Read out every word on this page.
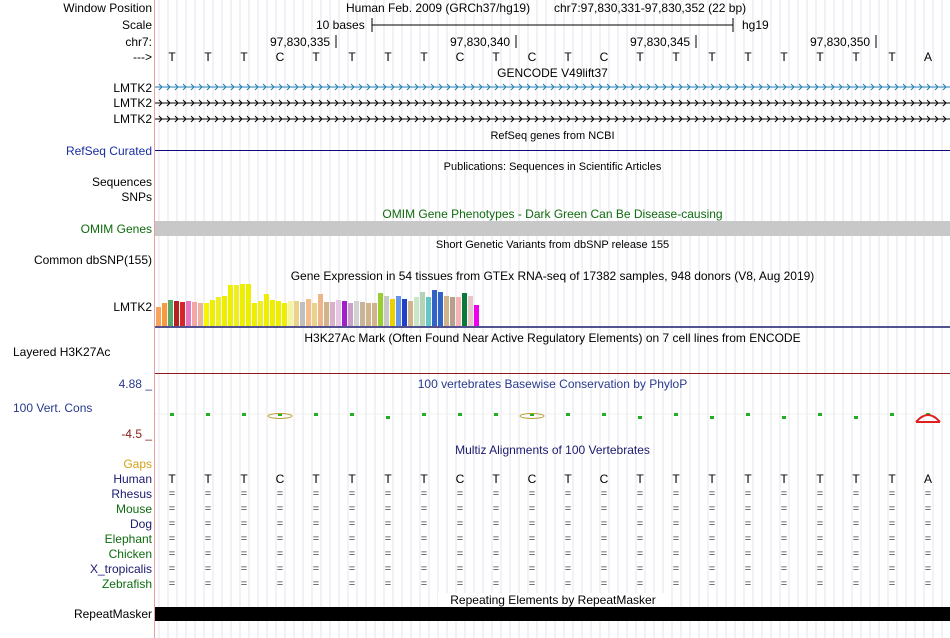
Window Position
Scale
chr7:
--->
Human Feb. 2009 (GRCh37/hg19) chr7:97,830,331-97,830,352 (22 bp)
10 bases	hg19
97,830,335	97,830,340	97,830,345	97,830,350
T	T	T	C	T	T	T	T	C	T	C	T	C	T	T	T	T	T	T	T	T	A
GENCODE V49lift37
LMTK2
LMTK2
LMTK2
RefSeq genes from NCBI
RefSeq Curated
Publications: Sequences in Scientific Articles
Sequences
SNPs
OMIM Gene Phenotypes - Dark Green Can Be Disease-causing
OMIM Genes
Short Genetic Variants from dbSNP release 155
Common dbSNP(155)
Gene Expression in 54 tissues from GTEx RNA-seq of 17382 samples, 948 donors (V8, Aug 2019)
LMTK2
H3K27Ac Mark (Often Found Near Active Regulatory Elements) on 7 cell lines from ENCODE
Layered H3K27Ac
100 vertebrates Basewise Conservation by PhyloP
4.88 _
100 Vert. Cons
-4.5 _
Multiz Alignments of 100 Vertebrates
Gaps
Human	T	T	T	C	T	T	T	T	C	T	C	T	C	T	T	T	T	T	T	T	T	A
Rhesus	=	=	=	=	=	=	=	=	=	=	=	=	=	=	=	=	=	=	=	=	=	=
Mouse	=	=	=	=	=	=	=	=	=	=	=	=	=	=	=	=	=	=	=	=	=	=
Dog	=	=	=	=	=	=	=	=	=	=	=	=	=	=	=	=	=	=	=	=	=	=
Elephant	=	=	=	=	=	=	=	=	=	=	=	=	=	=	=	=	=	=	=	=	=	=
Chicken	=	=	=	=	=	=	=	=	=	=	=	=	=	=	=	=	=	=	=	=	=	=
X_tropicalis	=	=	=	=	=	=	=	=	=	=	=	=	=	=	=	=	=	=	=	=	=	=
Zebrafish	=	=	=	=	=	=	=	=	=	=	=	=	=	=	=	=	=	=	=	=	=	=
Repeating Elements by RepeatMasker
RepeatMasker
